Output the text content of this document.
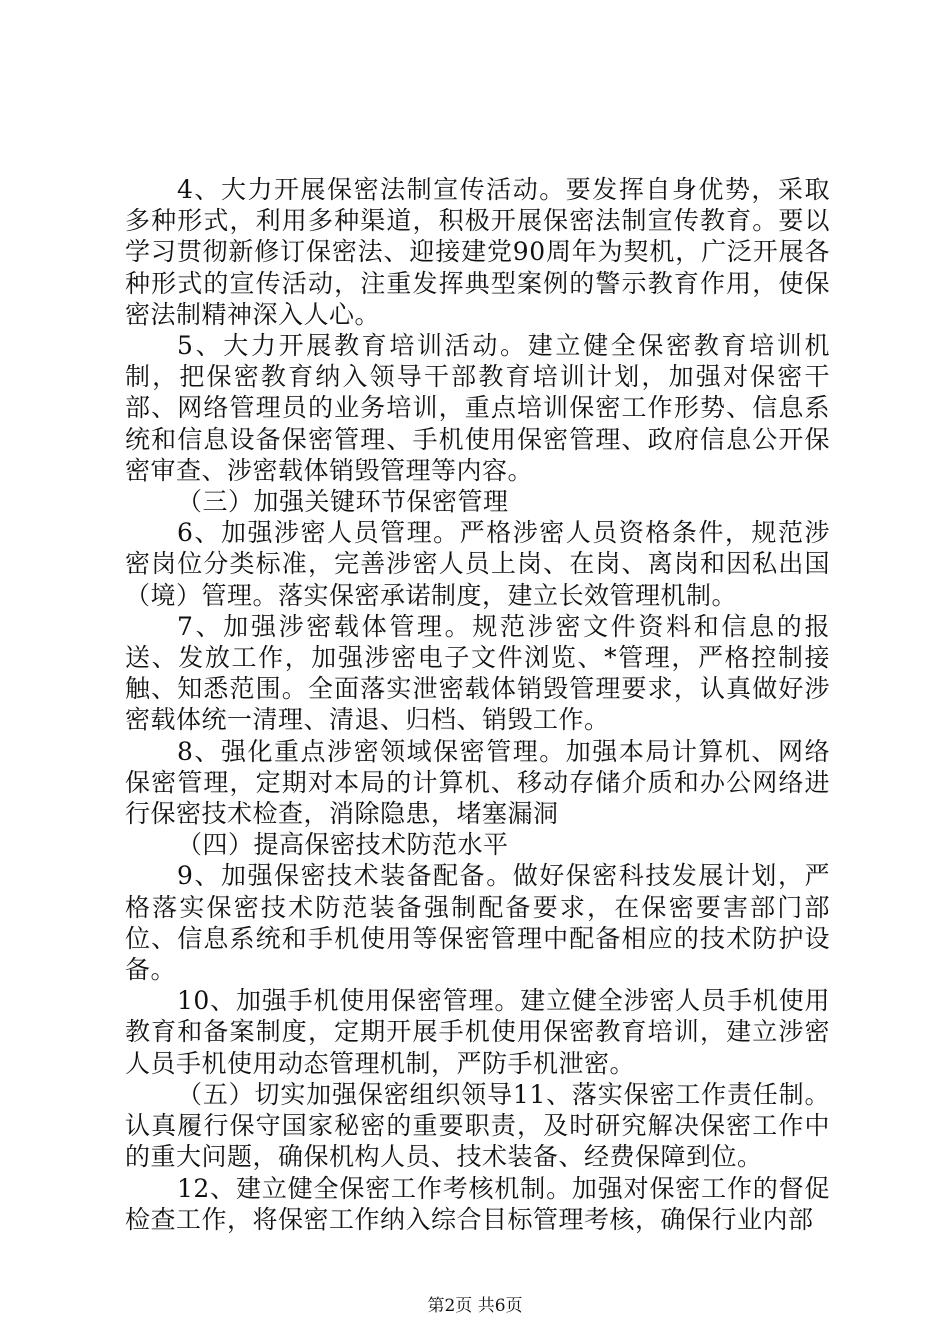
4、大力开展保密法制宣传活动。要发挥自身优势，采取多种形式，利用多种渠道，积极开展保密法制宣传教育。要以学习贯彻新修订保密法、迎接建党90周年为契机，广泛开展各种形式的宣传活动，注重发挥典型案例的警示教育作用，使保密法制精神深入人心。

5、大力开展教育培训活动。建立健全保密教育培训机制，把保密教育纳入领导干部教育培训计划，加强对保密干部、网络管理员的业务培训，重点培训保密工作形势、信息系统和信息设备保密管理、手机使用保密管理、政府信息公开保密审查、涉密载体销毁管理等内容。

（三）加强关键环节保密管理

6、加强涉密人员管理。严格涉密人员资格条件，规范涉密岗位分类标准，完善涉密人员上岗、在岗、离岗和因私出国（境）管理。落实保密承诺制度，建立长效管理机制。

7、加强涉密载体管理。规范涉密文件资料和信息的报送、发放工作，加强涉密电子文件浏览、*管理，严格控制接触、知悉范围。全面落实泄密载体销毁管理要求，认真做好涉密载体统一清理、清退、归档、销毁工作。

8、强化重点涉密领域保密管理。加强本局计算机、网络保密管理，定期对本局的计算机、移动存储介质和办公网络进行保密技术检查，消除隐患，堵塞漏洞

（四）提高保密技术防范水平

9、加强保密技术装备配备。做好保密科技发展计划，严格落实保密技术防范装备强制配备要求，在保密要害部门部位、信息系统和手机使用等保密管理中配备相应的技术防护设备。

10、加强手机使用保密管理。建立健全涉密人员手机使用教育和备案制度，定期开展手机使用保密教育培训，建立涉密人员手机使用动态管理机制，严防手机泄密。

（五）切实加强保密组织领导11、落实保密工作责任制。认真履行保守国家秘密的重要职责，及时研究解决保密工作中的重大问题，确保机构人员、技术装备、经费保障到位。

12、建立健全保密工作考核机制。加强对保密工作的督促检查工作，将保密工作纳入综合目标管理考核，确保行业内部

第2页 共6页
